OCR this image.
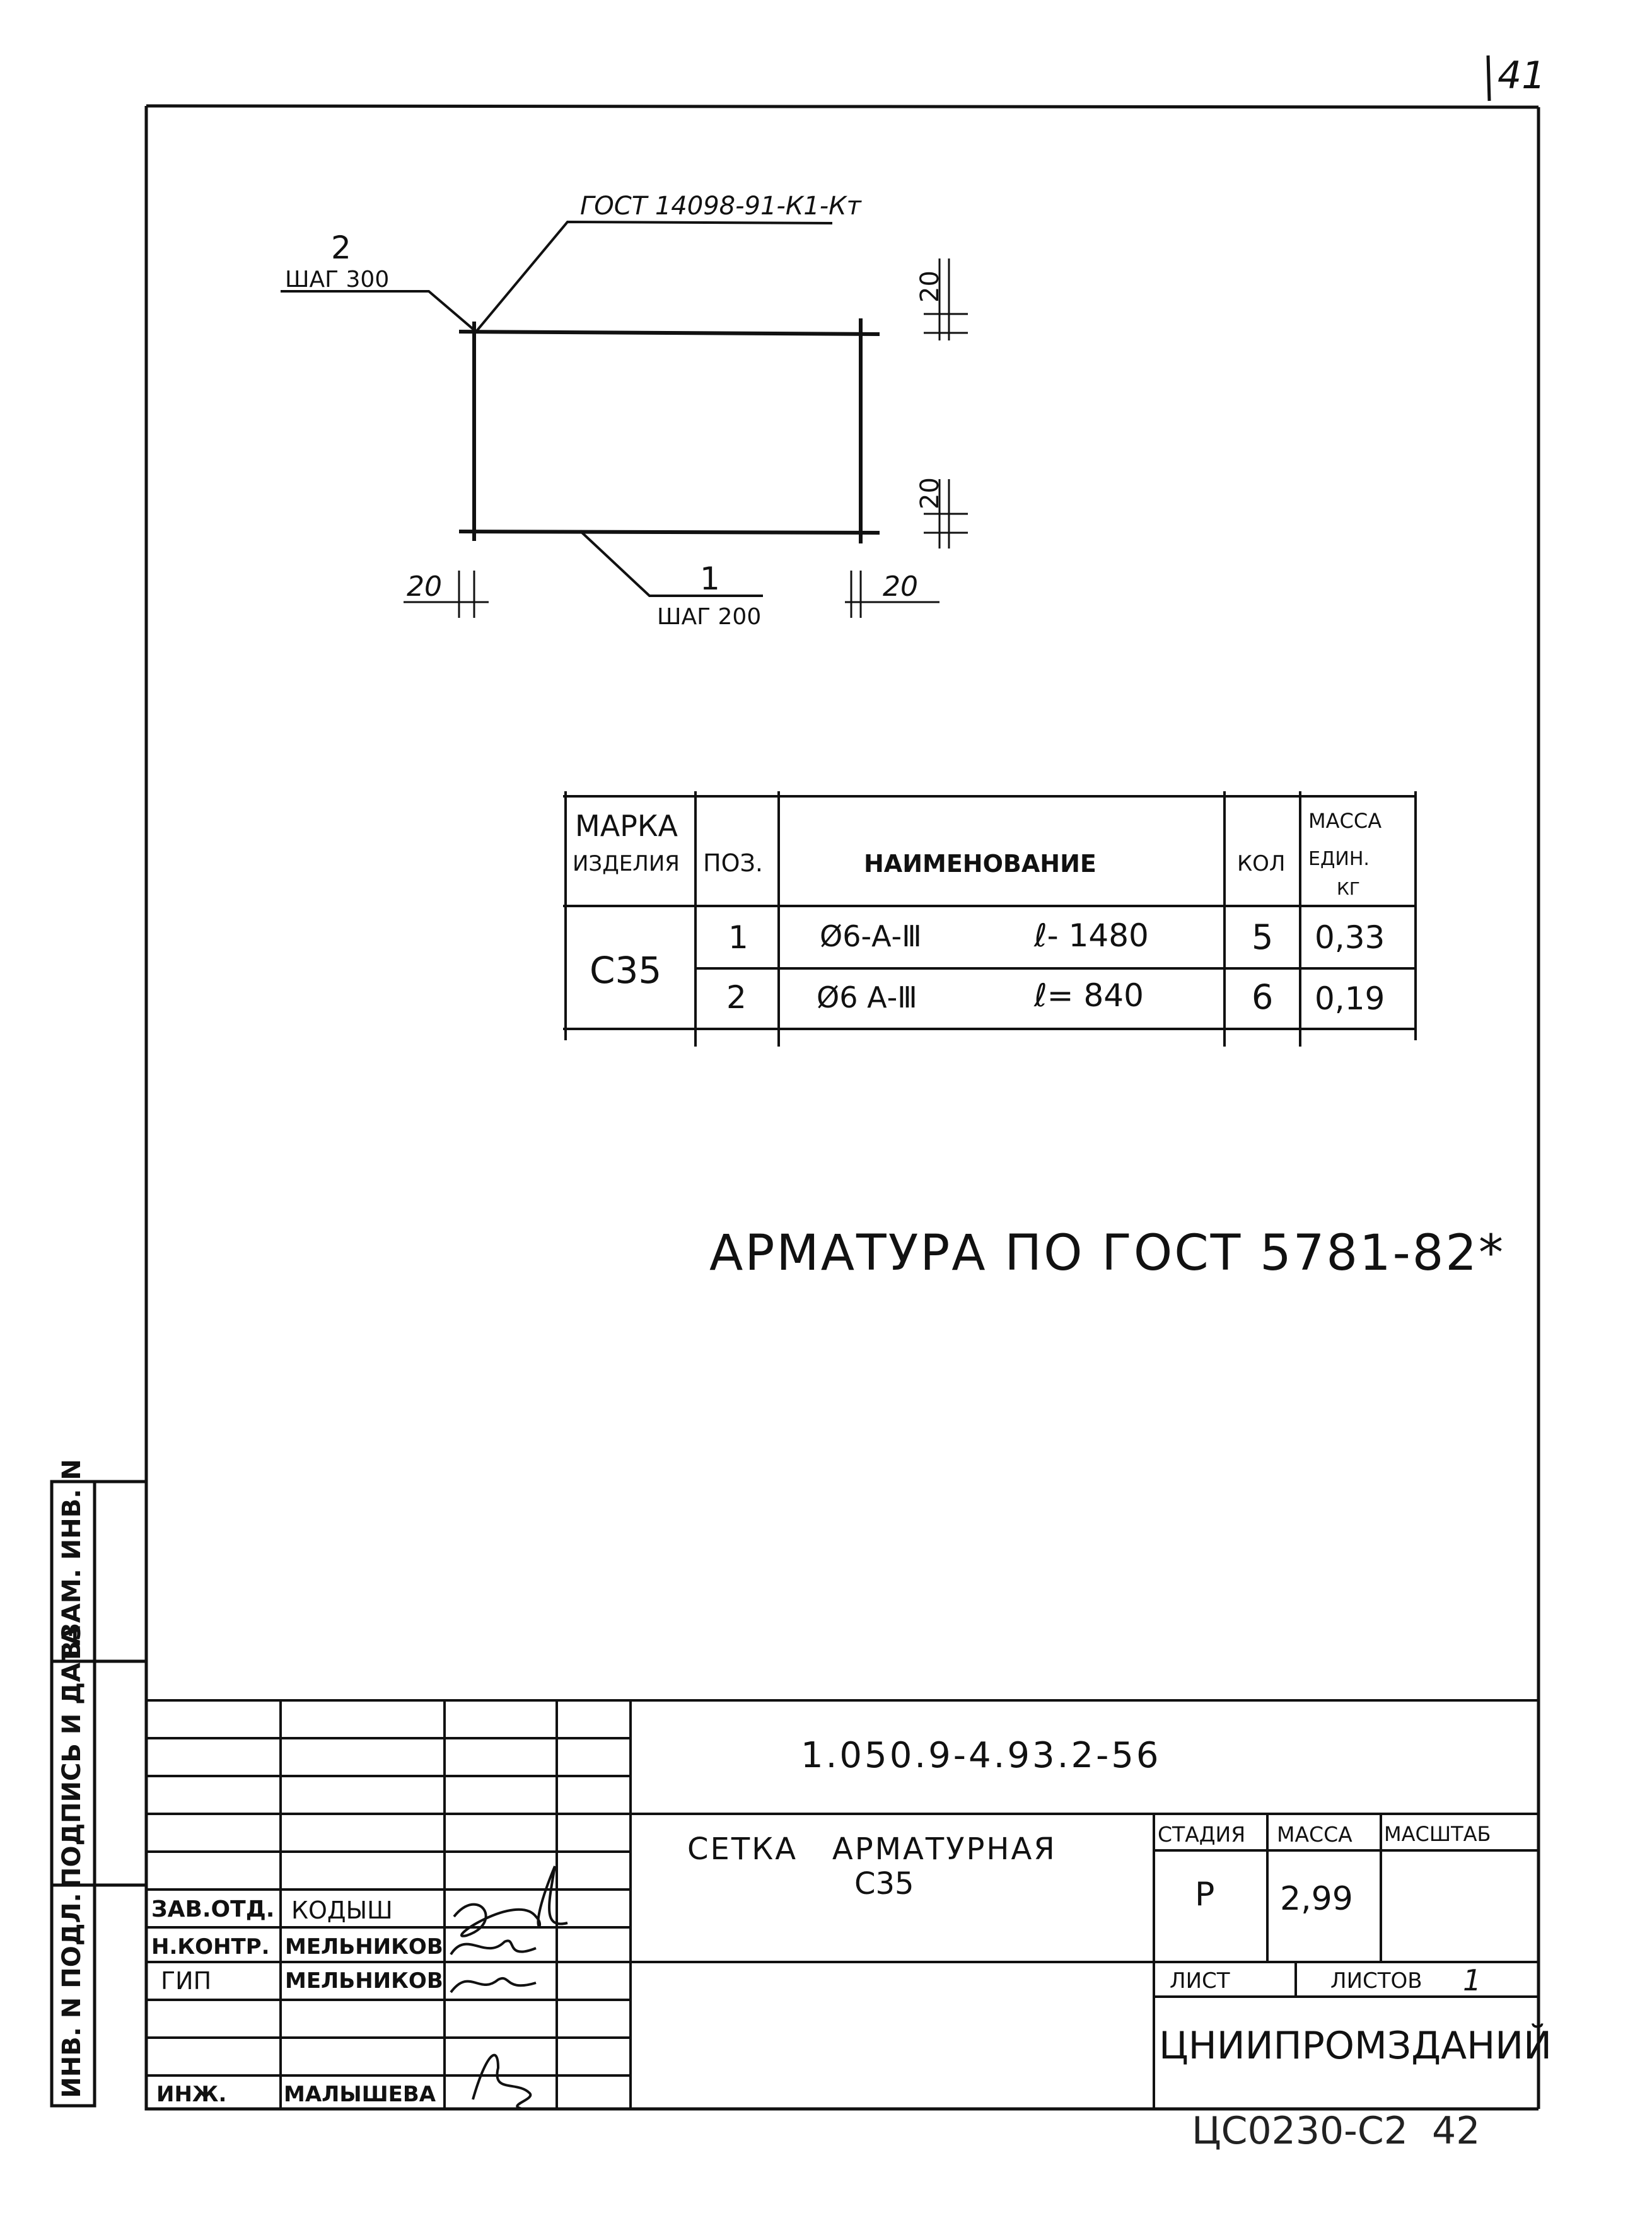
ГОСТ 14098-91-К1-Кт
2
ШАГ 300
1
ШАГ 200
20
20
20	20
41
МАРКА
ИЗДЕЛИЯ ПОЗ.	НАИМЕНОВАНИЕ	КОЛ
МАССА
ЕДИН.
КГ
С35
1 Ø6-А-Ⅲ	ℓ- 1480	5 0,33
2 Ø6 А-Ⅲ	ℓ= 840	6 0,19
АРМАТУРА ПО ГОСТ 5781-82*
ВЗАМ. ИНВ. N
ПОДПИСЬ И ДАТА
ИНВ. N ПОДЛ.
1.050.9-4.93.2-56
СЕТКА   АРМАТУРНАЯ
С35
СТАДИЯ МАССА МАСШТАБ
Р 2,99
ЛИСТ	ЛИСТОВ 1
ЦНИИПРОМЗДАНИЙ
ЗАВ.ОТД. КОДЫШ
Н.КОНТР. МЕЛЬНИКОВ
ГИП	МЕЛЬНИКОВ
ИНЖ.	МАЛЫШЕВА
ЦС0230-С2  42
